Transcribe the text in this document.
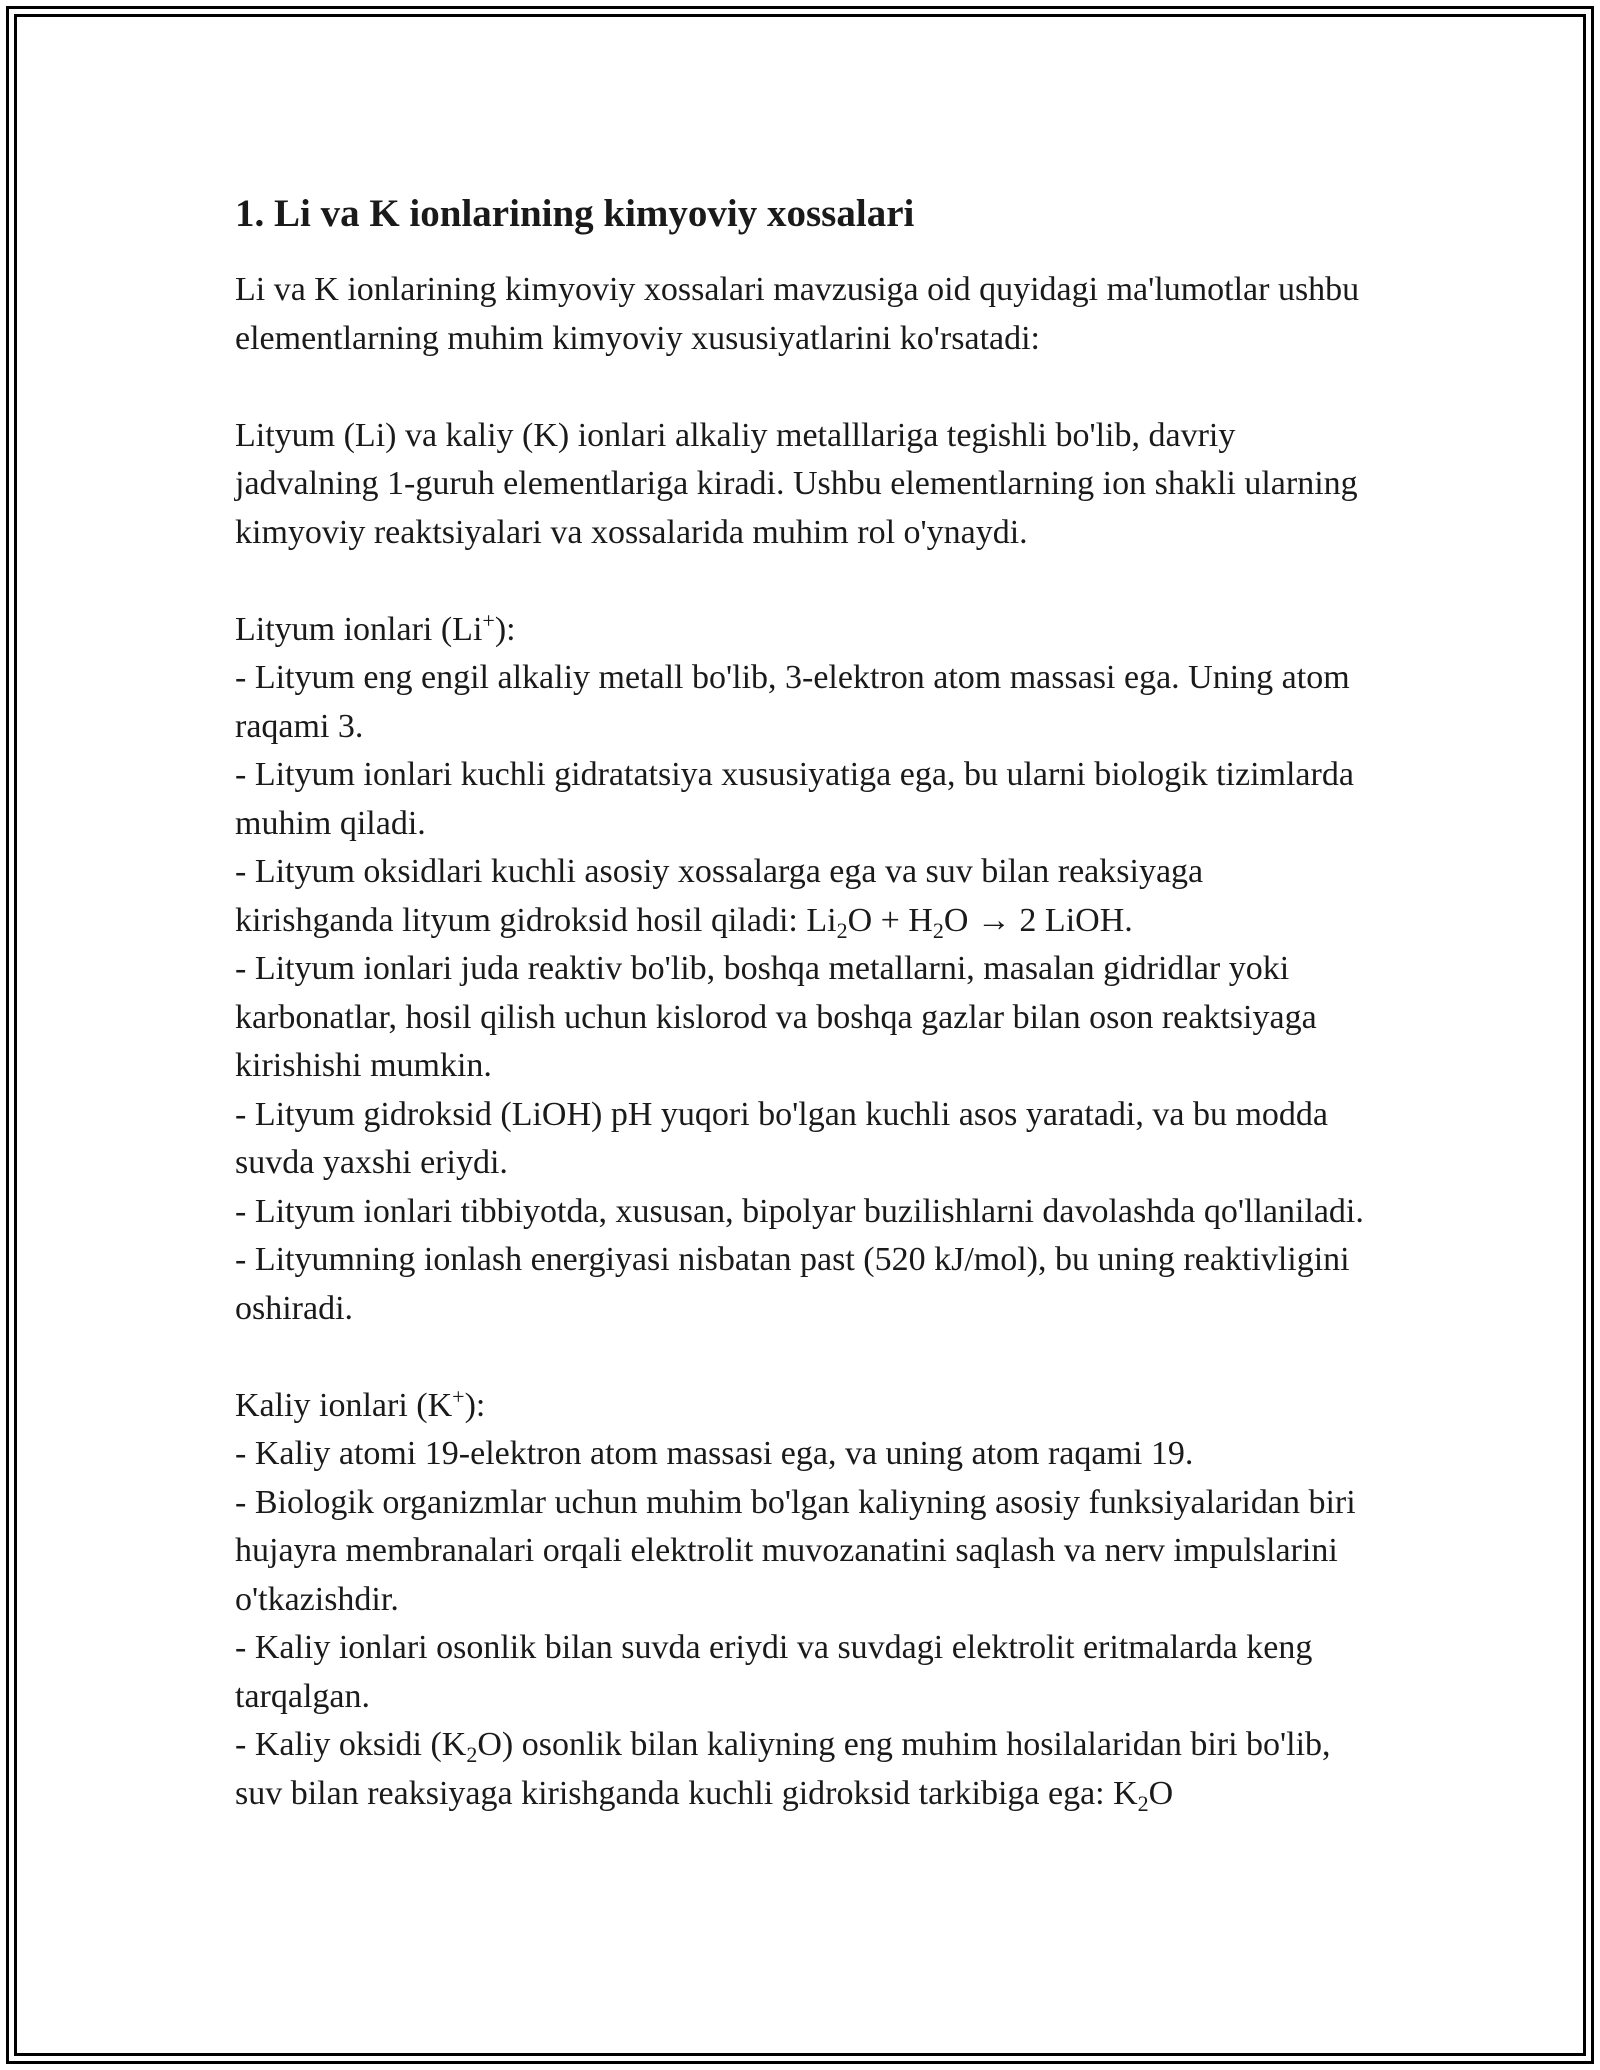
1. Li va K ionlarining kimyoviy xossalari

Li va K ionlarining kimyoviy xossalari mavzusiga oid quyidagi ma'lumotlar ushbu elementlarning muhim kimyoviy xususiyatlarini ko'rsatadi:

Lityum (Li) va kaliy (K) ionlari alkaliy metalllariga tegishli bo'lib, davriy jadvalning 1-guruh elementlariga kiradi. Ushbu elementlarning ion shakli ularning kimyoviy reaktsiyalari va xossalarida muhim rol o'ynaydi.

Lityum ionlari (Li+):
- Lityum eng engil alkaliy metall bo'lib, 3-elektron atom massasi ega. Uning atom raqami 3.
- Lityum ionlari kuchli gidratatsiya xususiyatiga ega, bu ularni biologik tizimlarda muhim qiladi.
- Lityum oksidlari kuchli asosiy xossalarga ega va suv bilan reaksiyaga kirishganda lityum gidroksid hosil qiladi: $Li_2O + H_2O \to 2$ LiOH.
- Lityum ionlari juda reaktiv bo'lib, boshqa metallarni, masalan gidridlar yoki karbonatlar, hosil qilish uchun kislorod va boshqa gazlar bilan oson reaktsiyaga kirishishi mumkin.
- Lityum gidroksid (LiOH) pH yuqori bo'lgan kuchli asos yaratadi, va bu modda suvda yaxshi eriydi.
- Lityum ionlari tibbiyotda, xususan, bipolyar buzilishlarni davolashda qo'llaniladi.
- Lityumning ionlash energiyasi nisbatan past (520 kJ/mol), bu uning reaktivligini oshiradi.
Kaliy ionlari (K+):
- Kaliy atomi 19-elektron atom massasi ega, va uning atom raqami 19.
- Biologik organizmlar uchun muhim bo'lgan kaliyning asosiy funksiyalaridan biri hujayra membranalari orqali elektrolit muvozanatini saqlash va nerv impulslarini o'tkazishdir.
- Kaliy ionlari osonlik bilan suvda eriydi va suvdagi elektrolit eritmalarda keng tarqalgan.
- Kaliy oksidi $(K_2O)$ osonlik bilan kaliyning eng muhim hosilalaridan biri bo'lib, suv bilan reaksiyaga kirishganda kuchli gidroksid tarkibiga ega: $K_2O$
